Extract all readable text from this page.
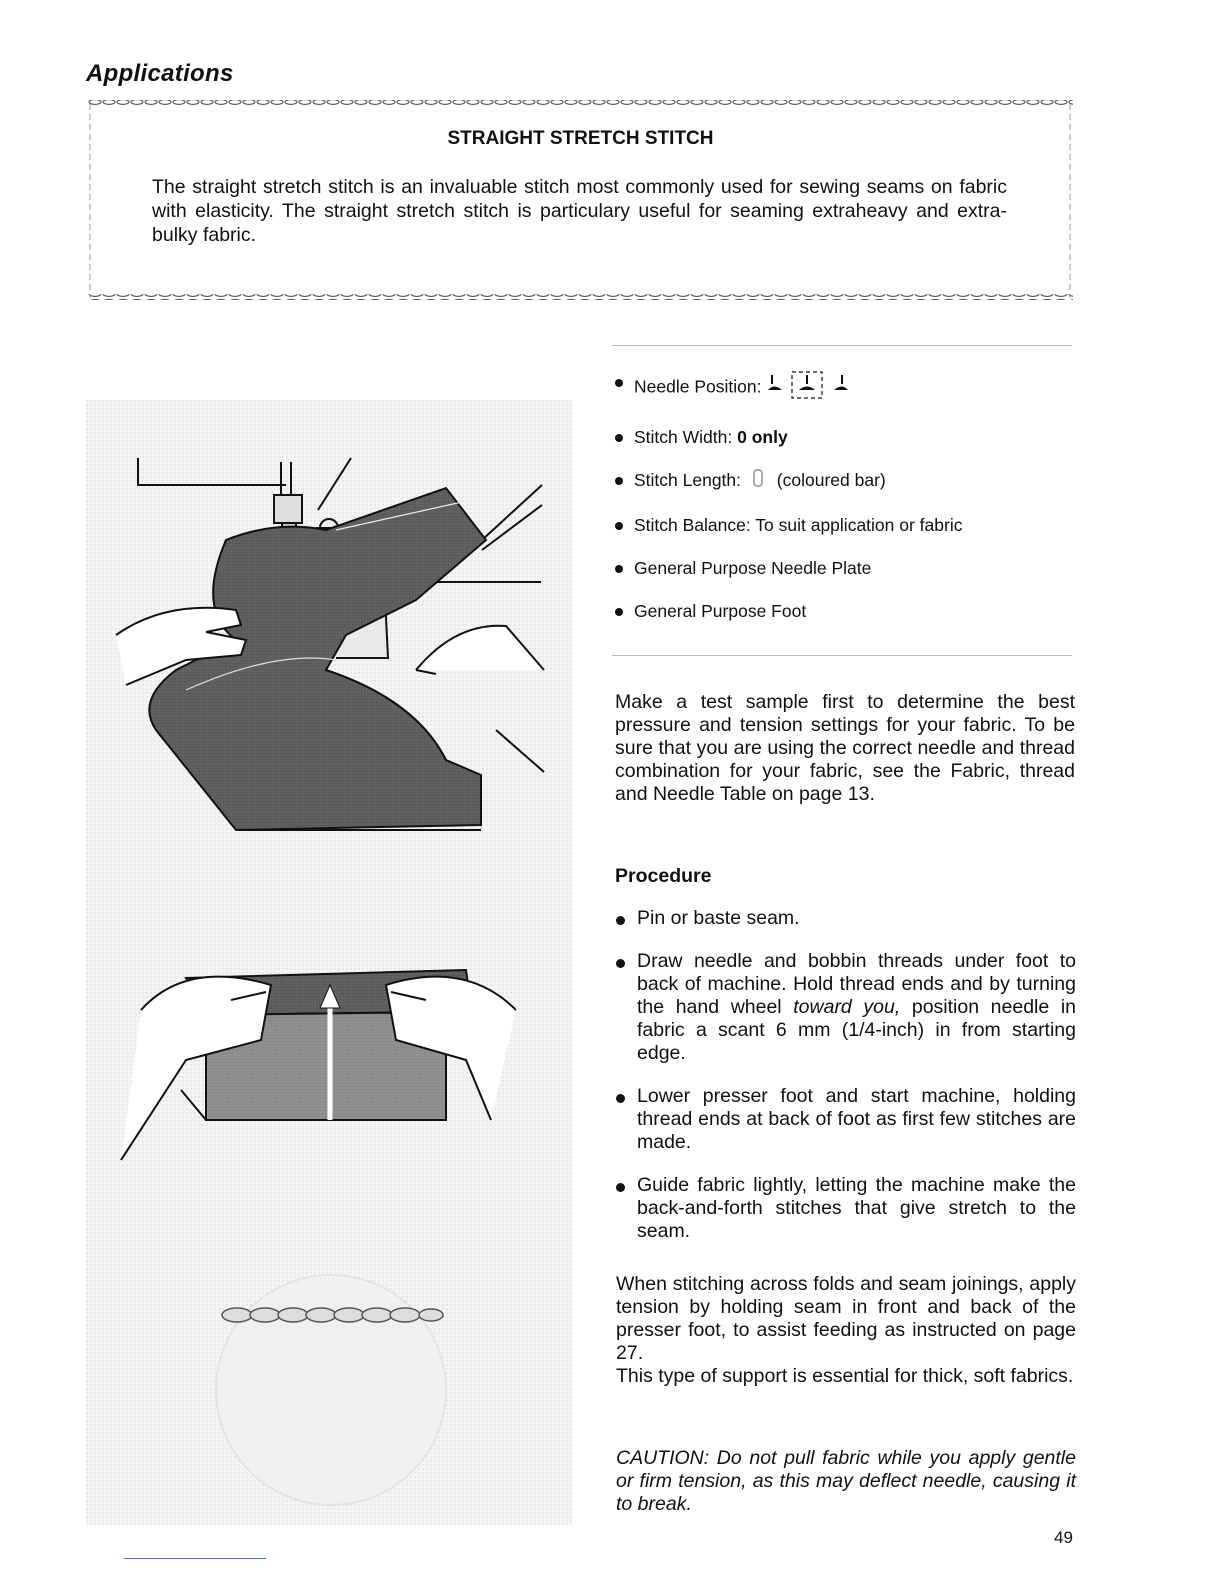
Applications
STRAIGHT STRETCH STITCH
The straight stretch stitch is an invaluable stitch most commonly used for sewing seams on fabric with elasticity. The straight stretch stitch is particulary useful for seaming extraheavy and extra-bulky fabric.
Needle Position:
Stitch Width: 0 only
Stitch Length: (coloured bar)
Stitch Balance: To suit application or fabric
General Purpose Needle Plate
General Purpose Foot
Make a test sample first to determine the best pressure and tension settings for your fabric. To be sure that you are using the correct needle and thread combination for your fabric, see the Fabric, thread and Needle Table on page 13.
Procedure
Pin or baste seam.
Draw needle and bobbin threads under foot to back of machine. Hold thread ends and by turning the hand wheel toward you, position needle in fabric a scant 6 mm (1/4-inch) in from starting edge.
Lower presser foot and start machine, holding thread ends at back of foot as first few stitches are made.
Guide fabric lightly, letting the machine make the back-and-forth stitches that give stretch to the seam.
When stitching across folds and seam joinings, apply tension by holding seam in front and back of the presser foot, to assist feeding as instructed on page 27.
This type of support is essential for thick, soft fabrics.
CAUTION: Do not pull fabric while you apply gentle or firm tension, as this may deflect needle, causing it to break.
49
